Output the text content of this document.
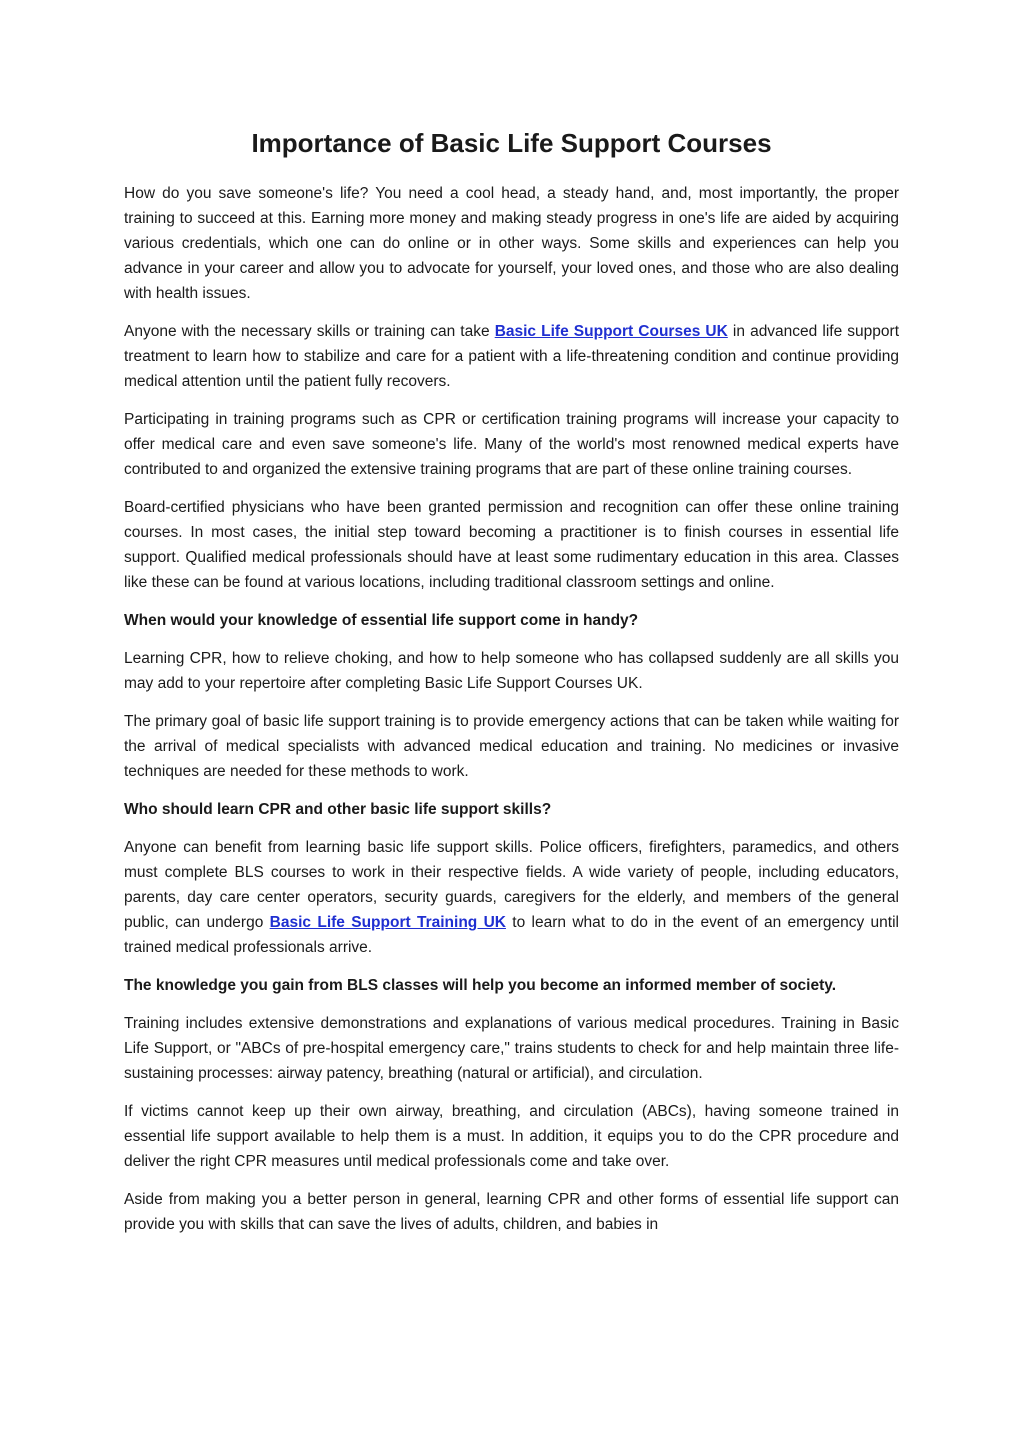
Importance of Basic Life Support Courses

How do you save someone's life? You need a cool head, a steady hand, and, most importantly, the proper training to succeed at this. Earning more money and making steady progress in one's life are aided by acquiring various credentials, which one can do online or in other ways. Some skills and experiences can help you advance in your career and allow you to advocate for yourself, your loved ones, and those who are also dealing with health issues.

Anyone with the necessary skills or training can take Basic Life Support Courses UK in advanced life support treatment to learn how to stabilize and care for a patient with a life-threatening condition and continue providing medical attention until the patient fully recovers.

Participating in training programs such as CPR or certification training programs will increase your capacity to offer medical care and even save someone's life. Many of the world's most renowned medical experts have contributed to and organized the extensive training programs that are part of these online training courses.

Board-certified physicians who have been granted permission and recognition can offer these online training courses. In most cases, the initial step toward becoming a practitioner is to finish courses in essential life support. Qualified medical professionals should have at least some rudimentary education in this area. Classes like these can be found at various locations, including traditional classroom settings and online.

When would your knowledge of essential life support come in handy?

Learning CPR, how to relieve choking, and how to help someone who has collapsed suddenly are all skills you may add to your repertoire after completing Basic Life Support Courses UK.

The primary goal of basic life support training is to provide emergency actions that can be taken while waiting for the arrival of medical specialists with advanced medical education and training. No medicines or invasive techniques are needed for these methods to work.

Who should learn CPR and other basic life support skills?

Anyone can benefit from learning basic life support skills. Police officers, firefighters, paramedics, and others must complete BLS courses to work in their respective fields. A wide variety of people, including educators, parents, day care center operators, security guards, caregivers for the elderly, and members of the general public, can undergo Basic Life Support Training UK to learn what to do in the event of an emergency until trained medical professionals arrive.

The knowledge you gain from BLS classes will help you become an informed member of society.

Training includes extensive demonstrations and explanations of various medical procedures. Training in Basic Life Support, or "ABCs of pre-hospital emergency care," trains students to check for and help maintain three life-sustaining processes: airway patency, breathing (natural or artificial), and circulation.

If victims cannot keep up their own airway, breathing, and circulation (ABCs), having someone trained in essential life support available to help them is a must. In addition, it equips you to do the CPR procedure and deliver the right CPR measures until medical professionals come and take over.

Aside from making you a better person in general, learning CPR and other forms of essential life support can provide you with skills that can save the lives of adults, children, and babies in
